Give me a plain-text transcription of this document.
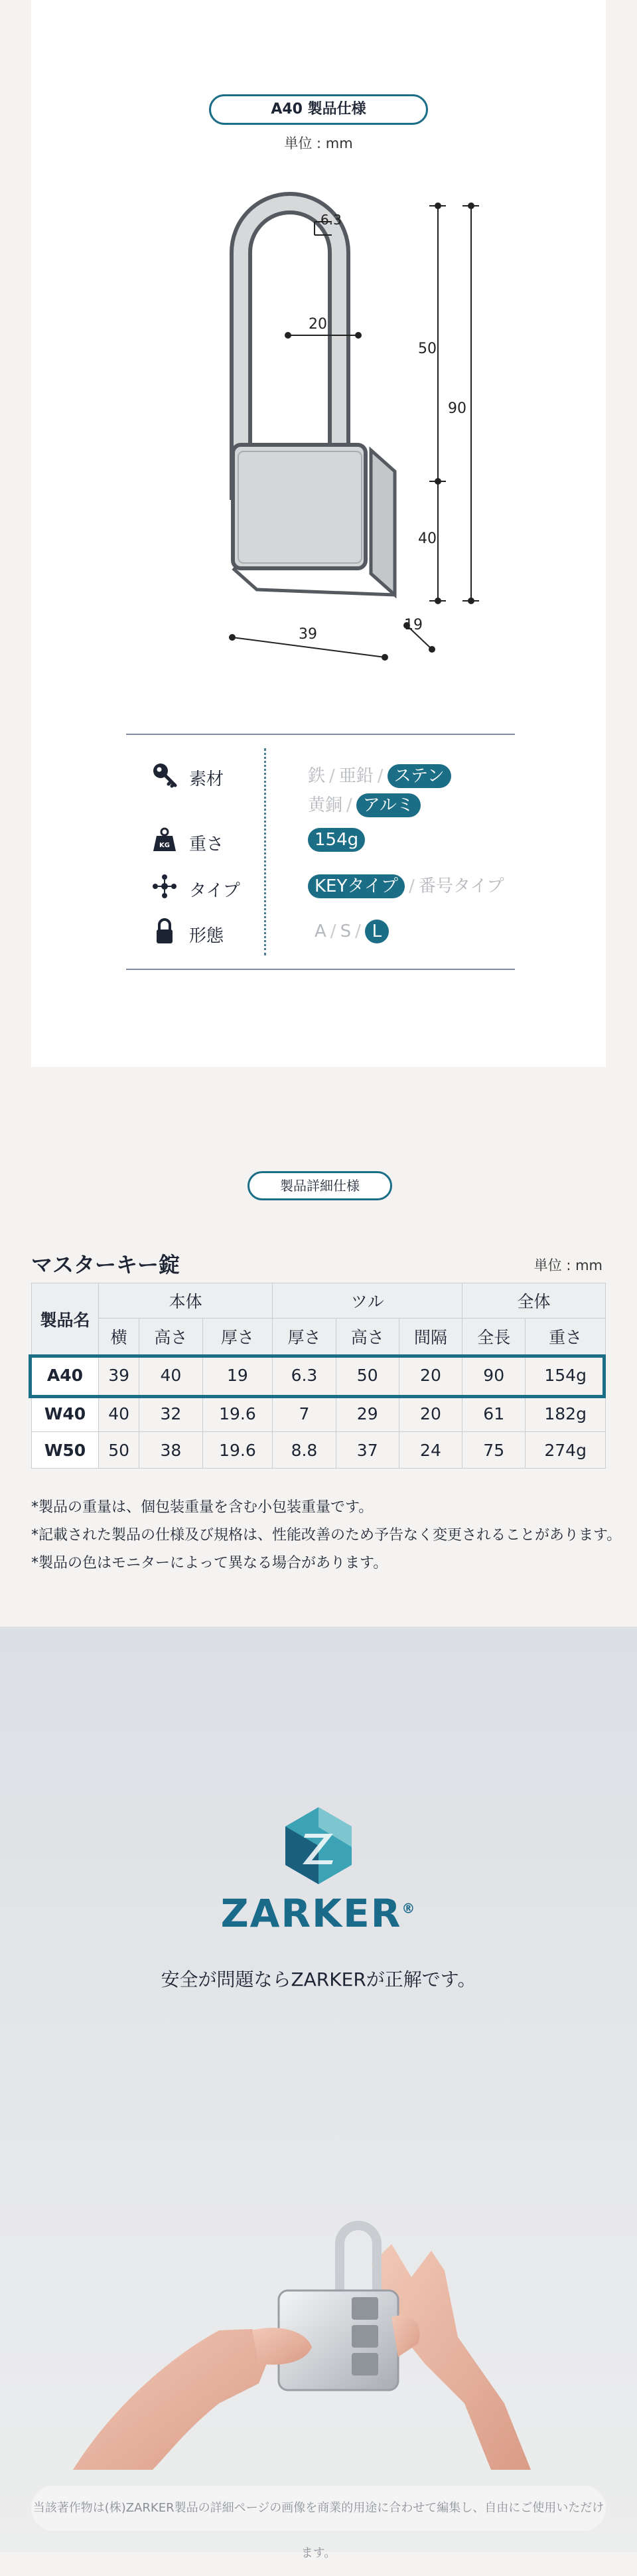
A40 製品仕様
単位 : mm
6.3
20
50
40
90
39
19
素材	鉄 / 亜鉛 / ステン
黄銅 / アルミ
KG 重さ	154g
タイプ	KEYタイプ / 番号タイプ
形態	A / S / L
製品詳細仕様
マスターキー錠	単位 : mm
製品名	本体			ツル			全体	
	横	高さ	厚さ	厚さ	高さ	間隔	全長	重さ
A40	39	40	19	6.3	50	20	90	154g
W40	40	32	19.6	7	29	20	61	182g
W50	50	38	19.6	8.8	37	24	75	274g
*製品の重量は、個包装重量を含む小包装重量です。
*記載された製品の仕様及び規格は、性能改善のため予告なく変更されることがあります。
*製品の色はモニターによって異なる場合があります。
ZARKER®
安全が問題ならZARKERが正解です。
当該著作物は(株)ZARKER製品の詳細ページの画像を商業的用途に合わせて編集し、自由にご使用いただけます。
